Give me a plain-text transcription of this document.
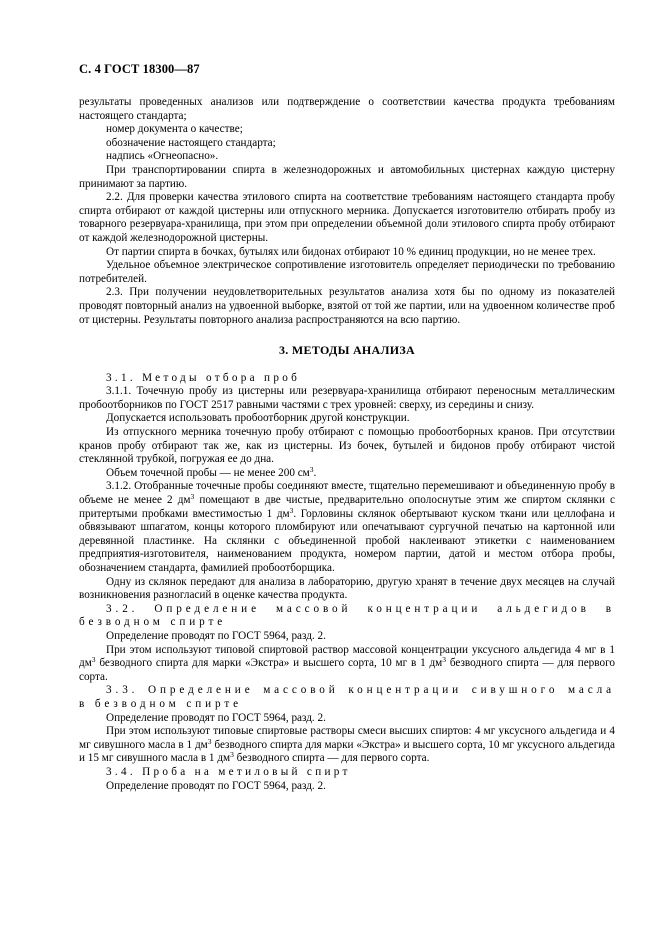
С. 4 ГОСТ 18300—87

результаты проведенных анализов или подтверждение о соответствии качества продукта требованиям настоящего стандарта;

номер документа о качестве;

обозначение настоящего стандарта;

надпись «Огнеопасно».

При транспортировании спирта в железнодорожных и автомобильных цистернах каждую цистерну принимают за партию.

2.2. Для проверки качества этилового спирта на соответствие требованиям настоящего стандарта пробу спирта отбирают от каждой цистерны или отпускного мерника. Допускается изготовителю отбирать пробу из товарного резервуара-хранилища, при этом при определении объемной доли этилового спирта пробу отбирают от каждой железнодорожной цистерны.

От партии спирта в бочках, бутылях или бидонах отбирают 10 % единиц продукции, но не менее трех.

Удельное объемное электрическое сопротивление изготовитель определяет периодически по требованию потребителей.

2.3. При получении неудовлетворительных результатов анализа хотя бы по одному из показателей проводят повторный анализ на удвоенной выборке, взятой от той же партии, или на удвоенном количестве проб от цистерны. Результаты повторного анализа распространяются на всю партию.

3. МЕТОДЫ АНАЛИЗА

3.1. Методы отбора проб

3.1.1. Точечную пробу из цистерны или резервуара-хранилища отбирают переносным металлическим пробоотборников по ГОСТ 2517 равными частями с трех уровней: сверху, из середины и снизу.

Допускается использовать пробоотборник другой конструкции.

Из отпускного мерника точечную пробу отбирают с помощью пробоотборных кранов. При отсутствии кранов пробу отбирают так же, как из цистерны. Из бочек, бутылей и бидонов пробу отбирают чистой стеклянной трубкой, погружая ее до дна.

Объем точечной пробы — не менее 200 $см^3$.

3.1.2. Отобранные точечные пробы соединяют вместе, тщательно перемешивают и объединенную пробу в объеме не менее 2 $дм^3$ помещают в две чистые, предварительно ополоснутые этим же спиртом склянки с притертыми пробками вместимостью 1 $дм^3$. Горловины склянок обертывают куском ткани или целлофана и обвязывают шпагатом, концы которого пломбируют или опечатывают сургучной печатью на картонной или деревянной пластинке. На склянки с объединенной пробой наклеивают этикетки с наименованием предприятия-изготовителя, наименованием продукта, номером партии, датой и местом отбора пробы, обозначением стандарта, фамилией пробоотборщика.

Одну из склянок передают для анализа в лабораторию, другую хранят в течение двух месяцев на случай возникновения разногласий в оценке качества продукта.

3.2. Определение массовой концентрации альдегидов в безводном спирте

Определение проводят по ГОСТ 5964, разд. 2.

При этом используют типовой спиртовой раствор массовой концентрации уксусного альдегида 4 мг в 1 $дм^3$ безводного спирта для марки «Экстра» и высшего сорта, 10 мг в 1 $дм^3$ безводного спирта — для первого сорта.

3.3. Определение массовой концентрации сивушного масла в безводном спирте

Определение проводят по ГОСТ 5964, разд. 2.

При этом используют типовые спиртовые растворы смеси высших спиртов: 4 мг уксусного альдегида и 4 мг сивушного масла в 1 $дм^3$ безводного спирта для марки «Экстра» и высшего сорта, 10 мг уксусного альдегида и 15 мг сивушного масла в 1 $дм^3$ безводного спирта — для первого сорта.

3.4. Проба на метиловый спирт

Определение проводят по ГОСТ 5964, разд. 2.
